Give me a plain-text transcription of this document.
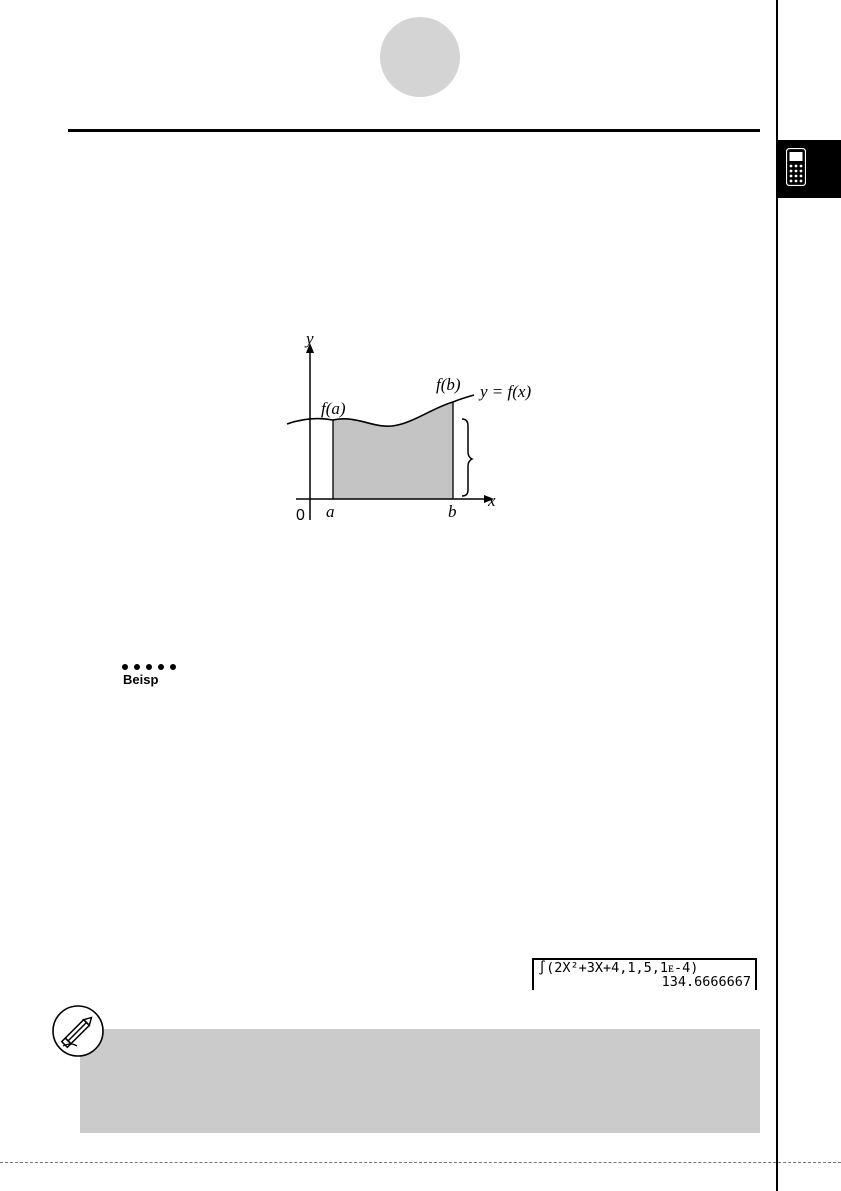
y
x
0 a	b
f(a)
f(b) y = f(x)
Beisp
∫(2X²+3X+4,1,5,1ᴇ-4)
134.6666667
